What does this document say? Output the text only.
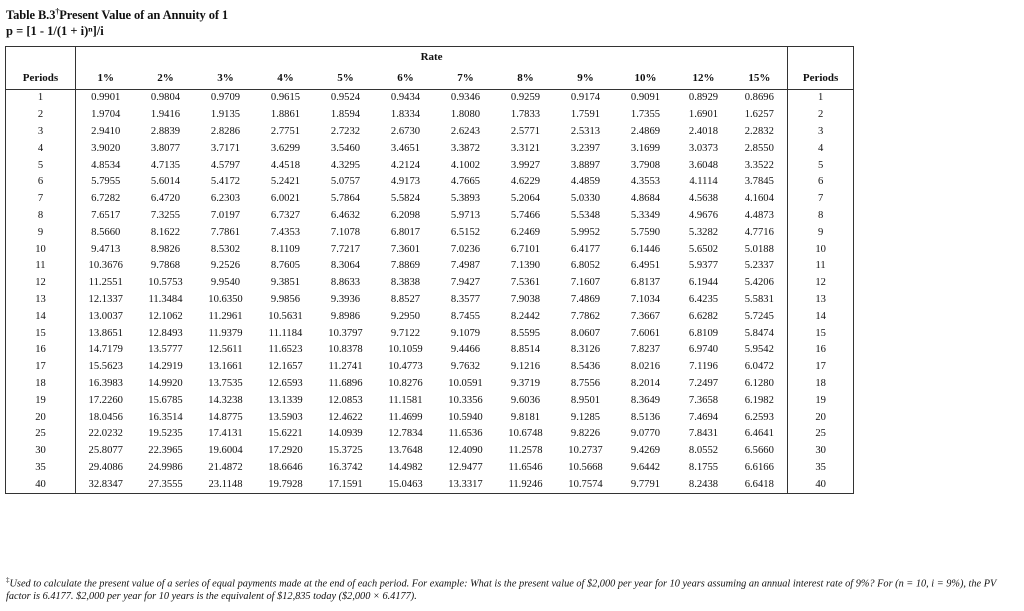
Table B.3†Present Value of an Annuity of 1
p = [1 - 1/(1 + i)ⁿ]/i
	Rate												
Periods	1%	2%	3%	4%	5%	6%	7%	8%	9%	10%	12%	15%	Periods
1	0.9901	0.9804	0.9709	0.9615	0.9524	0.9434	0.9346	0.9259	0.9174	0.9091	0.8929	0.8696	1
2	1.9704	1.9416	1.9135	1.8861	1.8594	1.8334	1.8080	1.7833	1.7591	1.7355	1.6901	1.6257	2
3	2.9410	2.8839	2.8286	2.7751	2.7232	2.6730	2.6243	2.5771	2.5313	2.4869	2.4018	2.2832	3
4	3.9020	3.8077	3.7171	3.6299	3.5460	3.4651	3.3872	3.3121	3.2397	3.1699	3.0373	2.8550	4
5	4.8534	4.7135	4.5797	4.4518	4.3295	4.2124	4.1002	3.9927	3.8897	3.7908	3.6048	3.3522	5
6	5.7955	5.6014	5.4172	5.2421	5.0757	4.9173	4.7665	4.6229	4.4859	4.3553	4.1114	3.7845	6
7	6.7282	6.4720	6.2303	6.0021	5.7864	5.5824	5.3893	5.2064	5.0330	4.8684	4.5638	4.1604	7
8	7.6517	7.3255	7.0197	6.7327	6.4632	6.2098	5.9713	5.7466	5.5348	5.3349	4.9676	4.4873	8
9	8.5660	8.1622	7.7861	7.4353	7.1078	6.8017	6.5152	6.2469	5.9952	5.7590	5.3282	4.7716	9
10	9.4713	8.9826	8.5302	8.1109	7.7217	7.3601	7.0236	6.7101	6.4177	6.1446	5.6502	5.0188	10
11	10.3676	9.7868	9.2526	8.7605	8.3064	7.8869	7.4987	7.1390	6.8052	6.4951	5.9377	5.2337	11
12	11.2551	10.5753	9.9540	9.3851	8.8633	8.3838	7.9427	7.5361	7.1607	6.8137	6.1944	5.4206	12
13	12.1337	11.3484	10.6350	9.9856	9.3936	8.8527	8.3577	7.9038	7.4869	7.1034	6.4235	5.5831	13
14	13.0037	12.1062	11.2961	10.5631	9.8986	9.2950	8.7455	8.2442	7.7862	7.3667	6.6282	5.7245	14
15	13.8651	12.8493	11.9379	11.1184	10.3797	9.7122	9.1079	8.5595	8.0607	7.6061	6.8109	5.8474	15
16	14.7179	13.5777	12.5611	11.6523	10.8378	10.1059	9.4466	8.8514	8.3126	7.8237	6.9740	5.9542	16
17	15.5623	14.2919	13.1661	12.1657	11.2741	10.4773	9.7632	9.1216	8.5436	8.0216	7.1196	6.0472	17
18	16.3983	14.9920	13.7535	12.6593	11.6896	10.8276	10.0591	9.3719	8.7556	8.2014	7.2497	6.1280	18
19	17.2260	15.6785	14.3238	13.1339	12.0853	11.1581	10.3356	9.6036	8.9501	8.3649	7.3658	6.1982	19
20	18.0456	16.3514	14.8775	13.5903	12.4622	11.4699	10.5940	9.8181	9.1285	8.5136	7.4694	6.2593	20
25	22.0232	19.5235	17.4131	15.6221	14.0939	12.7834	11.6536	10.6748	9.8226	9.0770	7.8431	6.4641	25
30	25.8077	22.3965	19.6004	17.2920	15.3725	13.7648	12.4090	11.2578	10.2737	9.4269	8.0552	6.5660	30
35	29.4086	24.9986	21.4872	18.6646	16.3742	14.4982	12.9477	11.6546	10.5668	9.6442	8.1755	6.6166	35
40	32.8347	27.3555	23.1148	19.7928	17.1591	15.0463	13.3317	11.9246	10.7574	9.7791	8.2438	6.6418	40
‡Used to calculate the present value of a series of equal payments made at the end of each period. For example: What is the present value of $2,000 per year for 10 years assuming an annual interest rate of 9%? For (n = 10, i = 9%), the PV factor is 6.4177. $2,000 per year for 10 years is the equivalent of $12,835 today ($2,000 × 6.4177).
